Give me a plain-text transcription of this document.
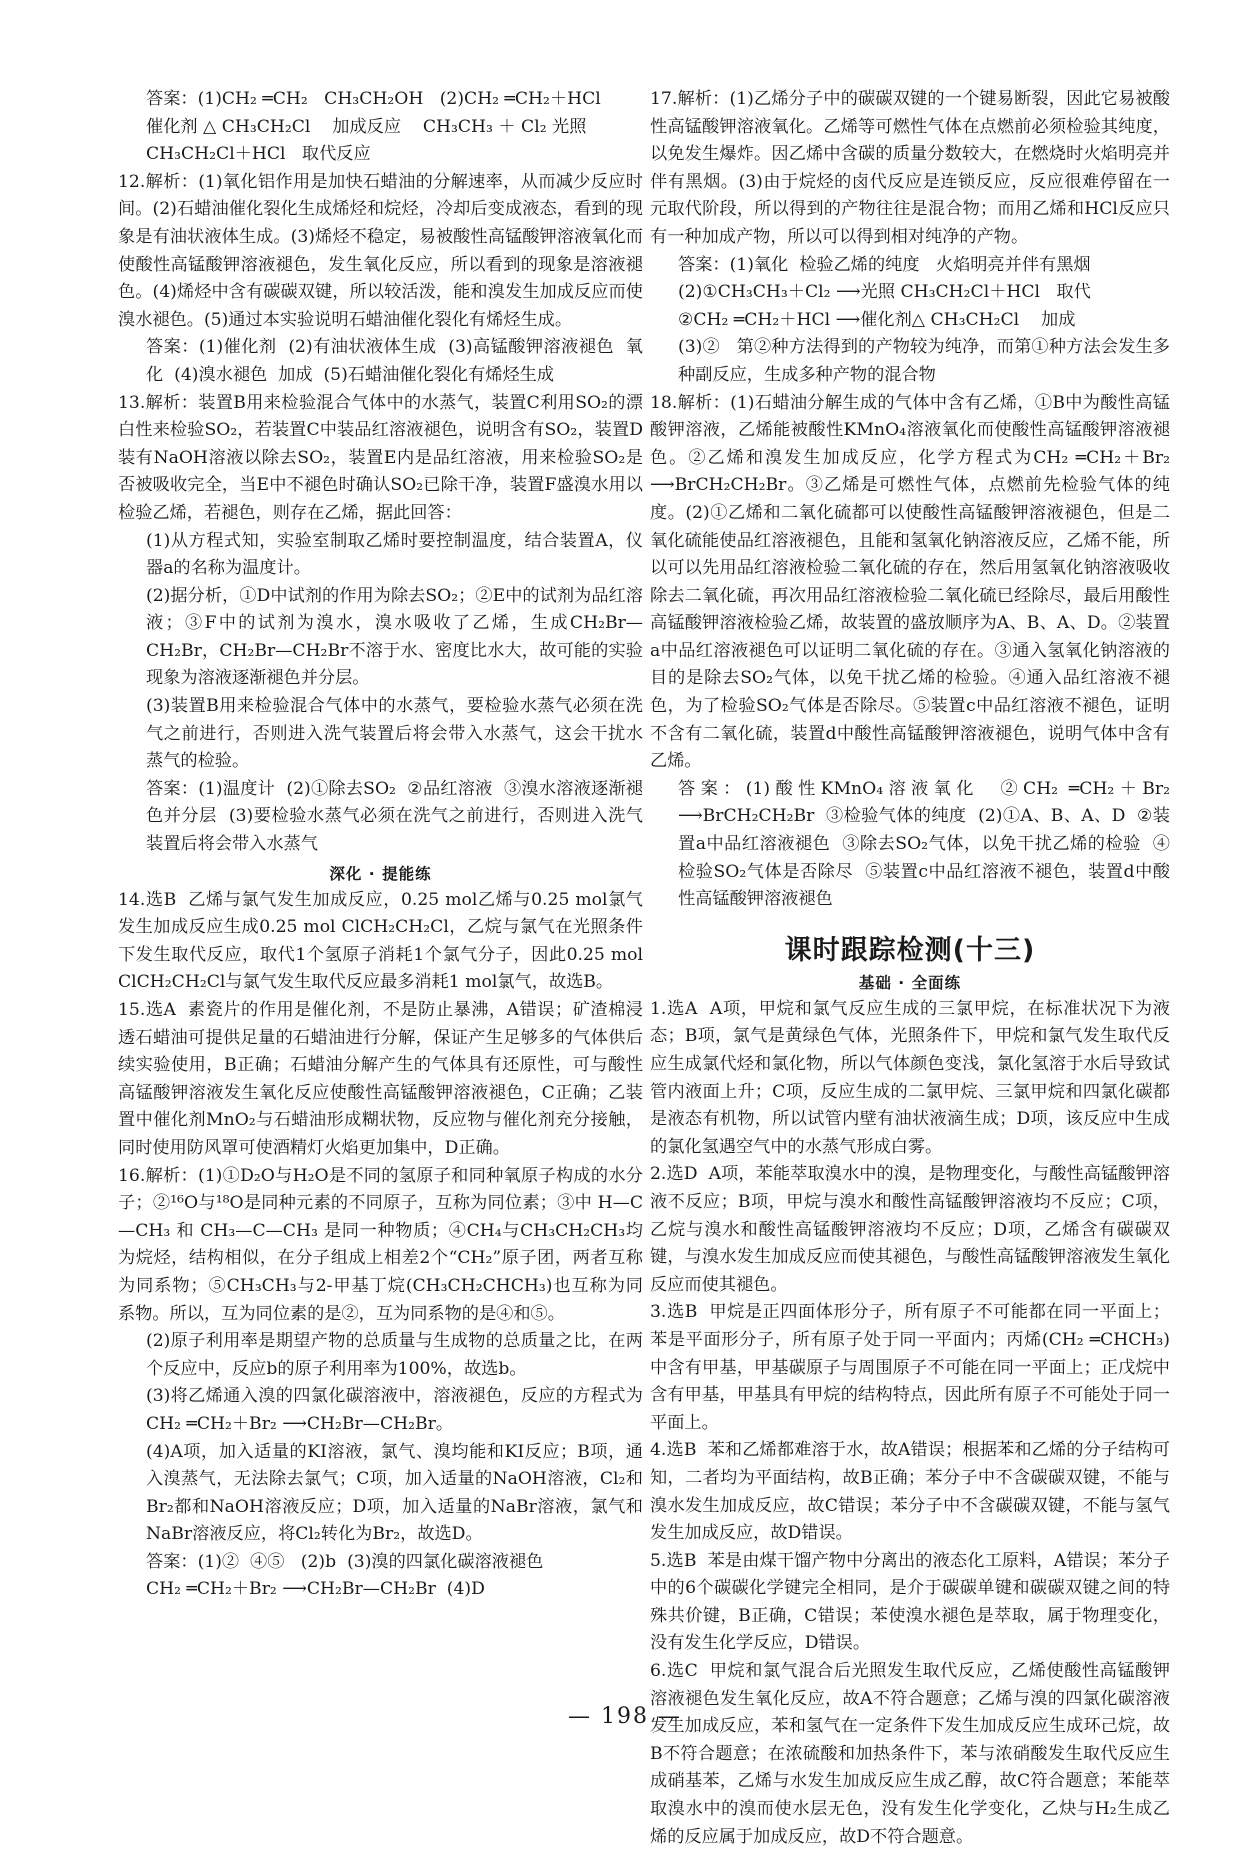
答案：(1)CH₂ ═CH₂   CH₃CH₂OH   (2)CH₂ ═CH₂＋HCl

催化剂 △ CH₃CH₂Cl    加成反应    CH₃CH₃ ＋ Cl₂ 光照

CH₃CH₂Cl＋HCl   取代反应

12.解析：(1)氧化铝作用是加快石蜡油的分解速率，从而减少反应时间。(2)石蜡油催化裂化生成烯烃和烷烃，冷却后变成液态，看到的现象是有油状液体生成。(3)烯烃不稳定，易被酸性高锰酸钾溶液氧化而使酸性高锰酸钾溶液褪色，发生氧化反应，所以看到的现象是溶液褪色。(4)烯烃中含有碳碳双键，所以较活泼，能和溴发生加成反应而使溴水褪色。(5)通过本实验说明石蜡油催化裂化有烯烃生成。

答案：(1)催化剂  (2)有油状液体生成  (3)高锰酸钾溶液褪色  氧化  (4)溴水褪色  加成  (5)石蜡油催化裂化有烯烃生成

13.解析：装置B用来检验混合气体中的水蒸气，装置C利用SO₂的漂白性来检验SO₂，若装置C中装品红溶液褪色，说明含有SO₂，装置D装有NaOH溶液以除去SO₂，装置E内是品红溶液，用来检验SO₂是否被吸收完全，当E中不褪色时确认SO₂已除干净，装置F盛溴水用以检验乙烯，若褪色，则存在乙烯，据此回答：

(1)从方程式知，实验室制取乙烯时要控制温度，结合装置A，仪器a的名称为温度计。

(2)据分析，①D中试剂的作用为除去SO₂；②E中的试剂为品红溶液；③F中的试剂为溴水，溴水吸收了乙烯，生成CH₂Br—CH₂Br，CH₂Br—CH₂Br不溶于水、密度比水大，故可能的实验现象为溶液逐渐褪色并分层。

(3)装置B用来检验混合气体中的水蒸气，要检验水蒸气必须在洗气之前进行，否则进入洗气装置后将会带入水蒸气，这会干扰水蒸气的检验。

答案：(1)温度计  (2)①除去SO₂  ②品红溶液  ③溴水溶液逐渐褪色并分层  (3)要检验水蒸气必须在洗气之前进行，否则进入洗气装置后将会带入水蒸气

深化 · 提能练

14.选B  乙烯与氯气发生加成反应，0.25 mol乙烯与0.25 mol氯气发生加成反应生成0.25 mol ClCH₂CH₂Cl，乙烷与氯气在光照条件下发生取代反应，取代1个氢原子消耗1个氯气分子，因此0.25 mol ClCH₂CH₂Cl与氯气发生取代反应最多消耗1 mol氯气，故选B。

15.选A  素瓷片的作用是催化剂，不是防止暴沸，A错误；矿渣棉浸透石蜡油可提供足量的石蜡油进行分解，保证产生足够多的气体供后续实验使用，B正确；石蜡油分解产生的气体具有还原性，可与酸性高锰酸钾溶液发生氧化反应使酸性高锰酸钾溶液褪色，C正确；乙装置中催化剂MnO₂与石蜡油形成糊状物，反应物与催化剂充分接触，同时使用防风罩可使酒精灯火焰更加集中，D正确。

16.解析：(1)①D₂O与H₂O是不同的氢原子和同种氧原子构成的水分子；②¹⁶O与¹⁸O是同种元素的不同原子，互称为同位素；③中 H—C—CH₃ 和 CH₃—C—CH₃ 是同一种物质；④CH₄与CH₃CH₂CH₃均为烷烃，结构相似，在分子组成上相差2个“CH₂”原子团，两者互称为同系物；⑤CH₃CH₃与2-甲基丁烷(CH₃CH₂CHCH₃)也互称为同系物。所以，互为同位素的是②，互为同系物的是④和⑤。

(2)原子利用率是期望产物的总质量与生成物的总质量之比，在两个反应中，反应b的原子利用率为100%，故选b。

(3)将乙烯通入溴的四氯化碳溶液中，溶液褪色，反应的方程式为CH₂ ═CH₂＋Br₂ ⟶CH₂Br—CH₂Br。

(4)A项，加入适量的KI溶液，氯气、溴均能和KI反应；B项，通入溴蒸气，无法除去氯气；C项，加入适量的NaOH溶液，Cl₂和Br₂都和NaOH溶液反应；D项，加入适量的NaBr溶液，氯气和NaBr溶液反应，将Cl₂转化为Br₂，故选D。

答案：(1)②  ④⑤   (2)b  (3)溴的四氯化碳溶液褪色

CH₂ ═CH₂＋Br₂ ⟶CH₂Br—CH₂Br  (4)D

17.解析：(1)乙烯分子中的碳碳双键的一个键易断裂，因此它易被酸性高锰酸钾溶液氧化。乙烯等可燃性气体在点燃前必须检验其纯度，以免发生爆炸。因乙烯中含碳的质量分数较大，在燃烧时火焰明亮并伴有黑烟。(3)由于烷烃的卤代反应是连锁反应，反应很难停留在一元取代阶段，所以得到的产物往往是混合物；而用乙烯和HCl反应只有一种加成产物，所以可以得到相对纯净的产物。

答案：(1)氧化  检验乙烯的纯度   火焰明亮并伴有黑烟

(2)①CH₃CH₃＋Cl₂ ⟶光照 CH₃CH₂Cl＋HCl   取代

②CH₂ ═CH₂＋HCl ⟶催化剂△ CH₃CH₂Cl    加成

(3)②   第②种方法得到的产物较为纯净，而第①种方法会发生多种副反应，生成多种产物的混合物

18.解析：(1)石蜡油分解生成的气体中含有乙烯，①B中为酸性高锰酸钾溶液，乙烯能被酸性KMnO₄溶液氧化而使酸性高锰酸钾溶液褪色。②乙烯和溴发生加成反应，化学方程式为CH₂ ═CH₂＋Br₂ ⟶BrCH₂CH₂Br。③乙烯是可燃性气体，点燃前先检验气体的纯度。(2)①乙烯和二氧化硫都可以使酸性高锰酸钾溶液褪色，但是二氧化硫能使品红溶液褪色，且能和氢氧化钠溶液反应，乙烯不能，所以可以先用品红溶液检验二氧化硫的存在，然后用氢氧化钠溶液吸收除去二氧化硫，再次用品红溶液检验二氧化硫已经除尽，最后用酸性高锰酸钾溶液检验乙烯，故装置的盛放顺序为A、B、A、D。②装置a中品红溶液褪色可以证明二氧化硫的存在。③通入氢氧化钠溶液的目的是除去SO₂气体，以免干扰乙烯的检验。④通入品红溶液不褪色，为了检验SO₂气体是否除尽。⑤装置c中品红溶液不褪色，证明不含有二氧化硫，装置d中酸性高锰酸钾溶液褪色，说明气体中含有乙烯。

答案：(1)酸性KMnO₄溶液氧化  ②CH₂ ═CH₂＋Br₂ ⟶BrCH₂CH₂Br  ③检验气体的纯度  (2)①A、B、A、D  ②装置a中品红溶液褪色  ③除去SO₂气体，以免干扰乙烯的检验  ④检验SO₂气体是否除尽  ⑤装置c中品红溶液不褪色，装置d中酸性高锰酸钾溶液褪色

课时跟踪检测(十三)
基础 · 全面练

1.选A  A项，甲烷和氯气反应生成的三氯甲烷，在标准状况下为液态；B项，氯气是黄绿色气体，光照条件下，甲烷和氯气发生取代反应生成氯代烃和氯化物，所以气体颜色变浅，氯化氢溶于水后导致试管内液面上升；C项，反应生成的二氯甲烷、三氯甲烷和四氯化碳都是液态有机物，所以试管内壁有油状液滴生成；D项，该反应中生成的氯化氢遇空气中的水蒸气形成白雾。

2.选D  A项，苯能萃取溴水中的溴，是物理变化，与酸性高锰酸钾溶液不反应；B项，甲烷与溴水和酸性高锰酸钾溶液均不反应；C项，乙烷与溴水和酸性高锰酸钾溶液均不反应；D项，乙烯含有碳碳双键，与溴水发生加成反应而使其褪色，与酸性高锰酸钾溶液发生氧化反应而使其褪色。

3.选B  甲烷是正四面体形分子，所有原子不可能都在同一平面上；苯是平面形分子，所有原子处于同一平面内；丙烯(CH₂ ═CHCH₃)中含有甲基，甲基碳原子与周围原子不可能在同一平面上；正戊烷中含有甲基，甲基具有甲烷的结构特点，因此所有原子不可能处于同一平面上。

4.选B  苯和乙烯都难溶于水，故A错误；根据苯和乙烯的分子结构可知，二者均为平面结构，故B正确；苯分子中不含碳碳双键，不能与溴水发生加成反应，故C错误；苯分子中不含碳碳双键，不能与氢气发生加成反应，故D错误。

5.选B  苯是由煤干馏产物中分离出的液态化工原料，A错误；苯分子中的6个碳碳化学键完全相同，是介于碳碳单键和碳碳双键之间的特殊共价键，B正确，C错误；苯使溴水褪色是萃取，属于物理变化，没有发生化学反应，D错误。

6.选C  甲烷和氯气混合后光照发生取代反应，乙烯使酸性高锰酸钾溶液褪色发生氧化反应，故A不符合题意；乙烯与溴的四氯化碳溶液发生加成反应，苯和氢气在一定条件下发生加成反应生成环己烷，故B不符合题意；在浓硫酸和加热条件下，苯与浓硝酸发生取代反应生成硝基苯，乙烯与水发生加成反应生成乙醇，故C符合题意；苯能萃取溴水中的溴而使水层无色，没有发生化学变化，乙炔与H₂生成乙烯的反应属于加成反应，故D不符合题意。

— 198 —
